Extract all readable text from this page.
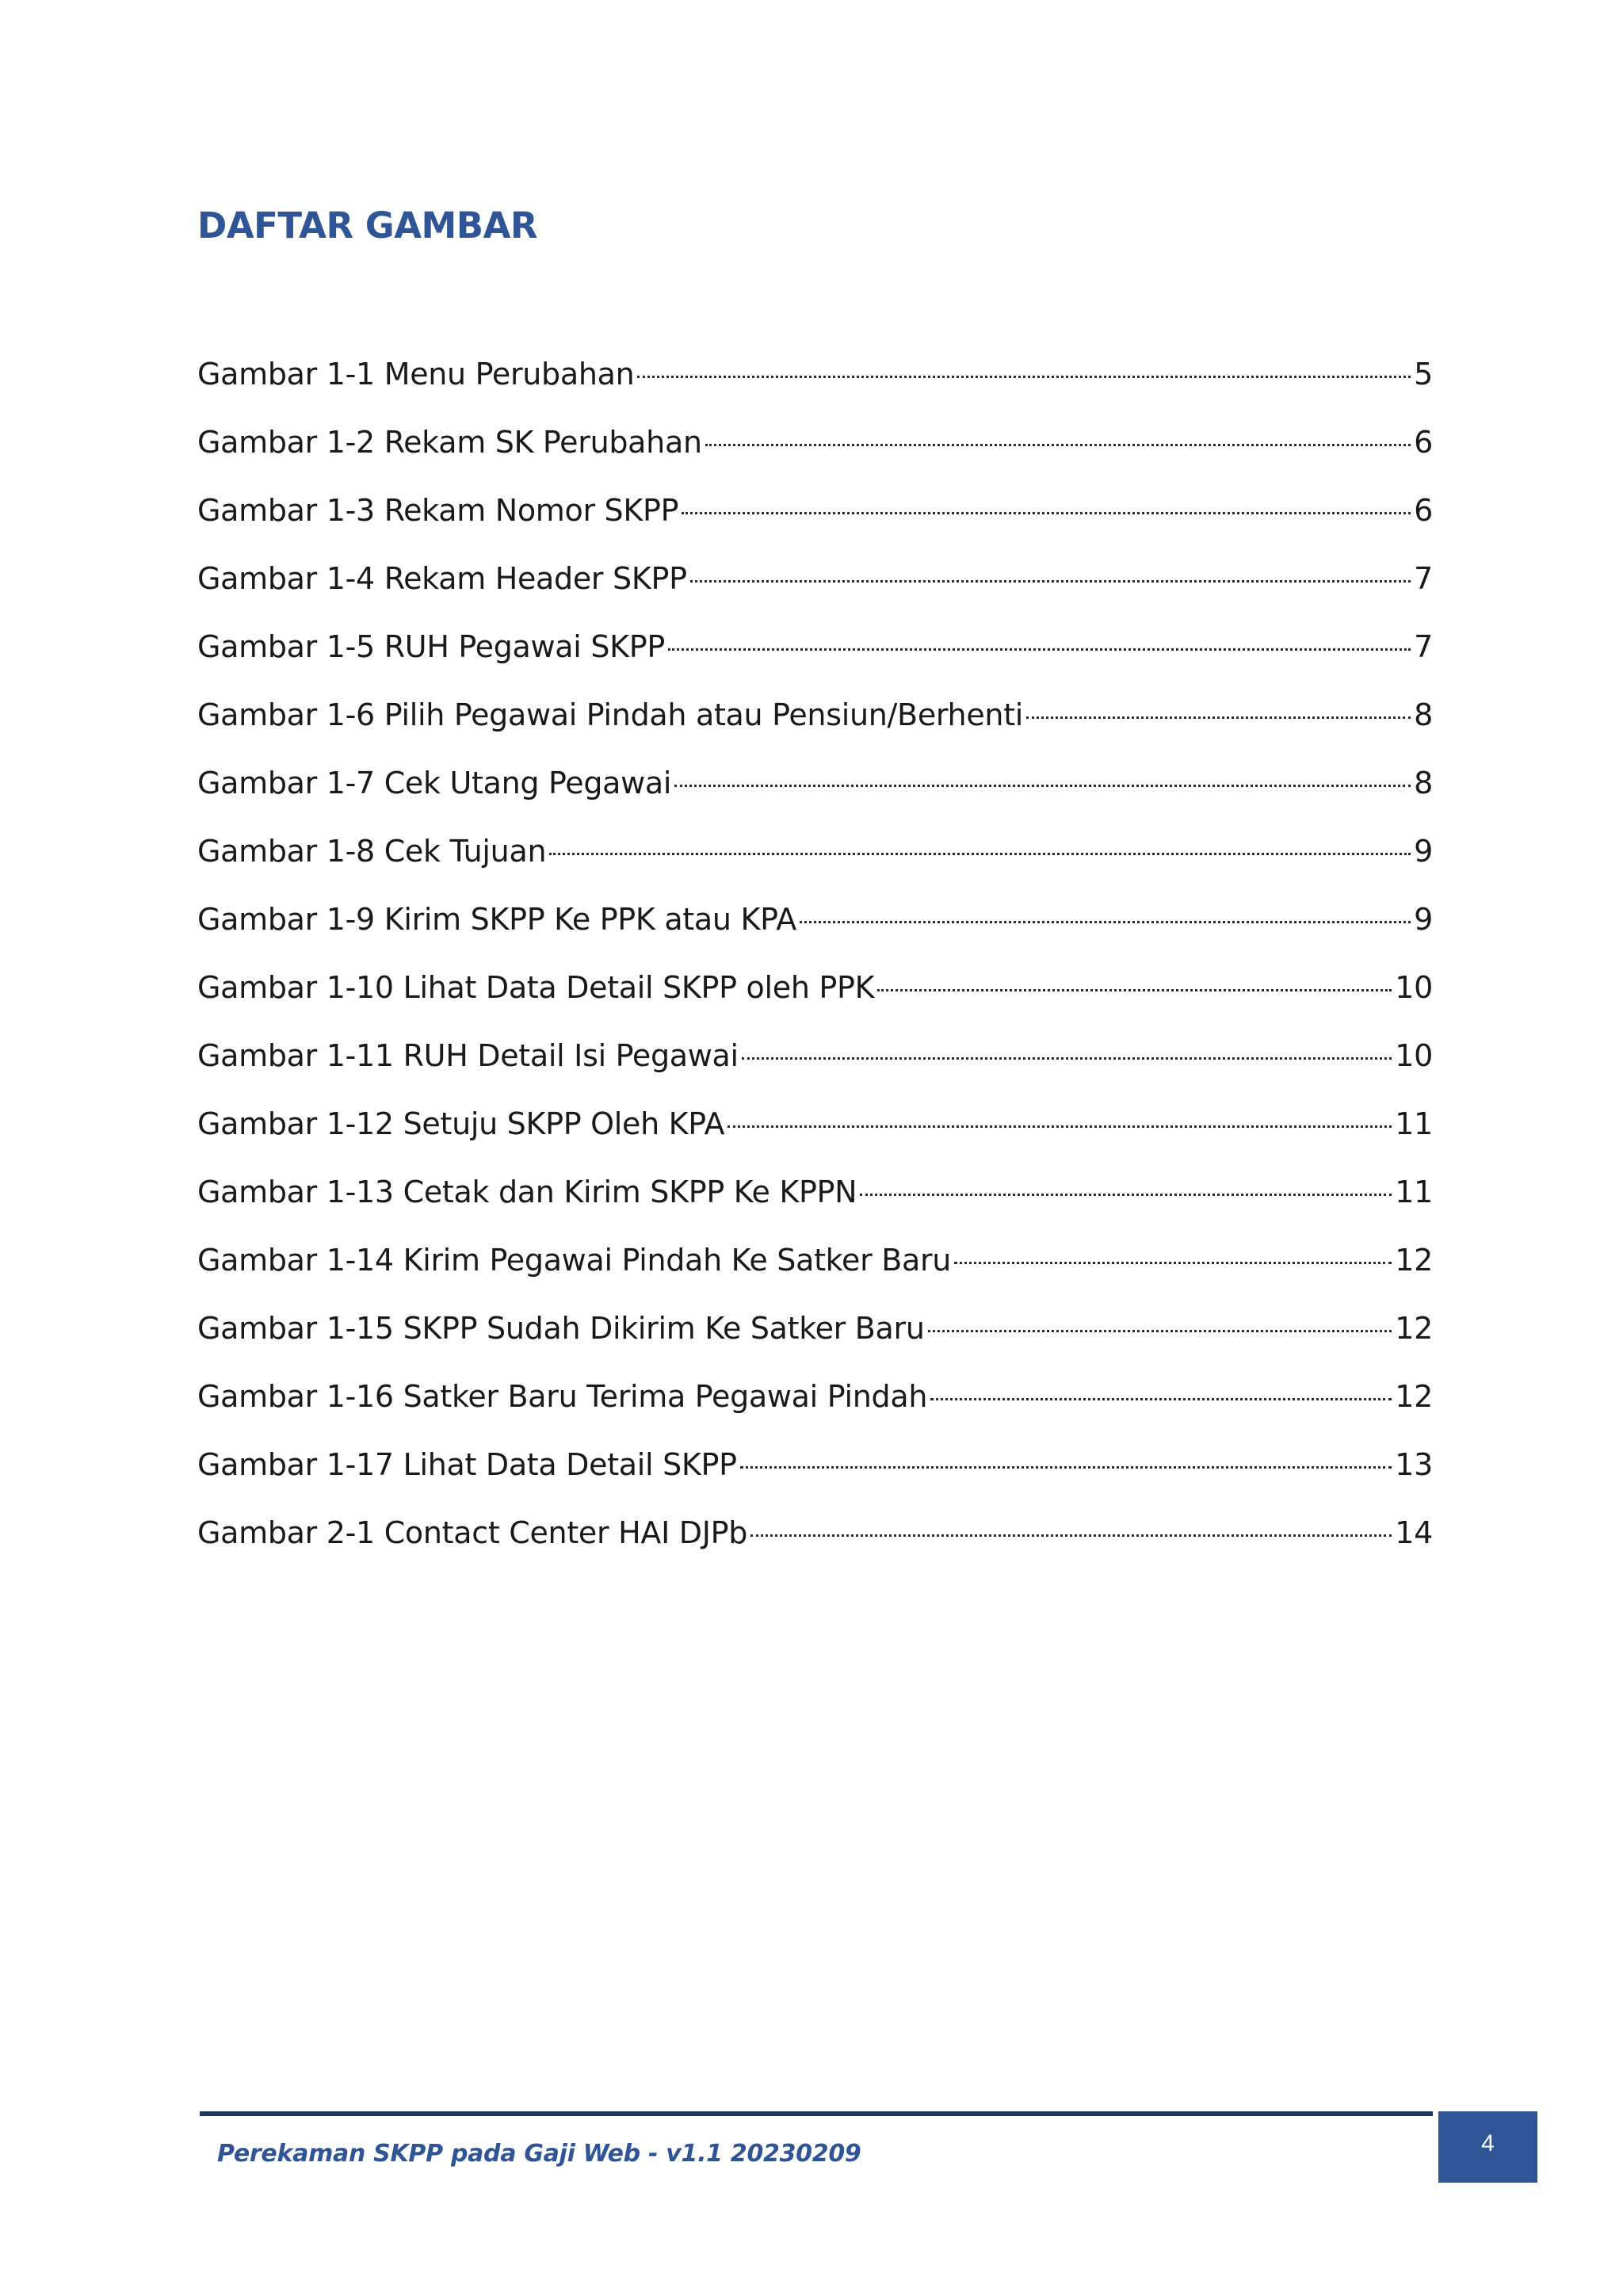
DAFTAR GAMBAR
Gambar 1-1 Menu Perubahan	5
Gambar 1-2 Rekam SK Perubahan	6
Gambar 1-3 Rekam Nomor SKPP	6
Gambar 1-4 Rekam Header SKPP	7
Gambar 1-5 RUH Pegawai SKPP	7
Gambar 1-6 Pilih Pegawai Pindah atau Pensiun/Berhenti	8
Gambar 1-7 Cek Utang Pegawai	8
Gambar 1-8 Cek Tujuan	9
Gambar 1-9 Kirim SKPP Ke PPK atau KPA	9
Gambar 1-10 Lihat Data Detail SKPP oleh PPK	10
Gambar 1-11 RUH Detail Isi Pegawai	10
Gambar 1-12 Setuju SKPP Oleh KPA	11
Gambar 1-13 Cetak dan Kirim SKPP Ke KPPN	11
Gambar 1-14 Kirim Pegawai Pindah Ke Satker Baru	12
Gambar 1-15 SKPP Sudah Dikirim Ke Satker Baru	12
Gambar 1-16 Satker Baru Terima Pegawai Pindah	12
Gambar 1-17 Lihat Data Detail SKPP	13
Gambar 2-1 Contact Center HAI DJPb	14
Perekaman SKPP pada Gaji Web - v1.1 20230209	4
